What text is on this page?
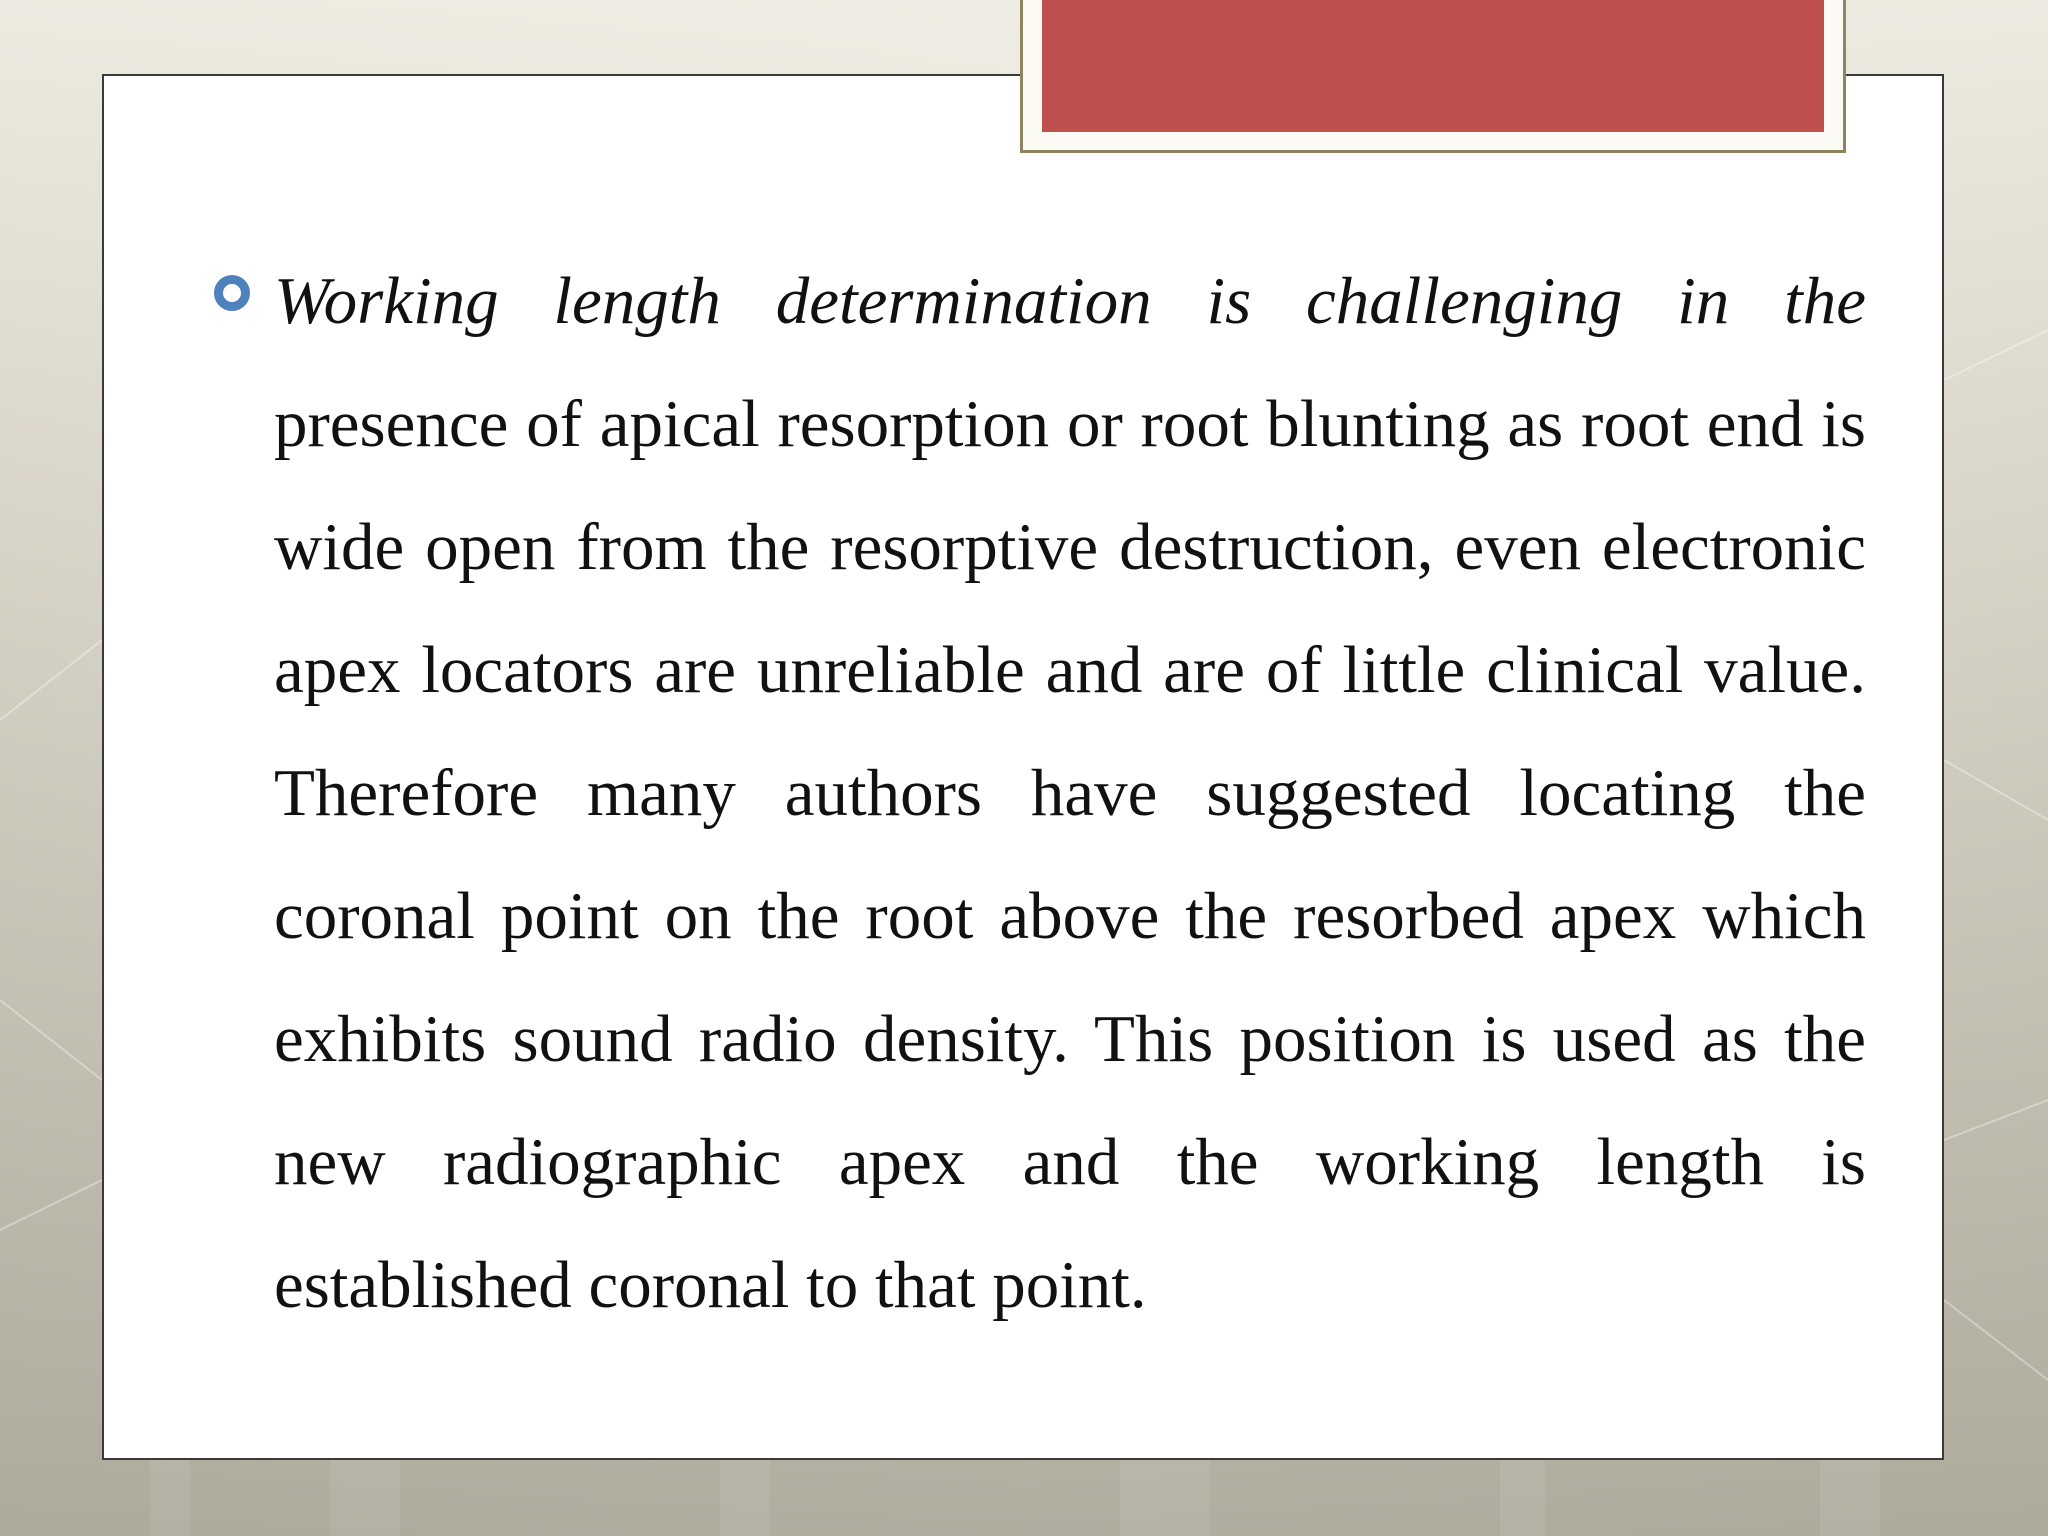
Working length determination is challenging in the presence of apical resorption or root blunting as root end is wide open from the resorptive destruction, even electronic apex locators are unreliable and are of little clinical value. Therefore many authors have suggested locating the coronal point on the root above the resorbed apex which exhibits sound radio density. This position is used as the new radiographic apex and the working length is established coronal to that point.
